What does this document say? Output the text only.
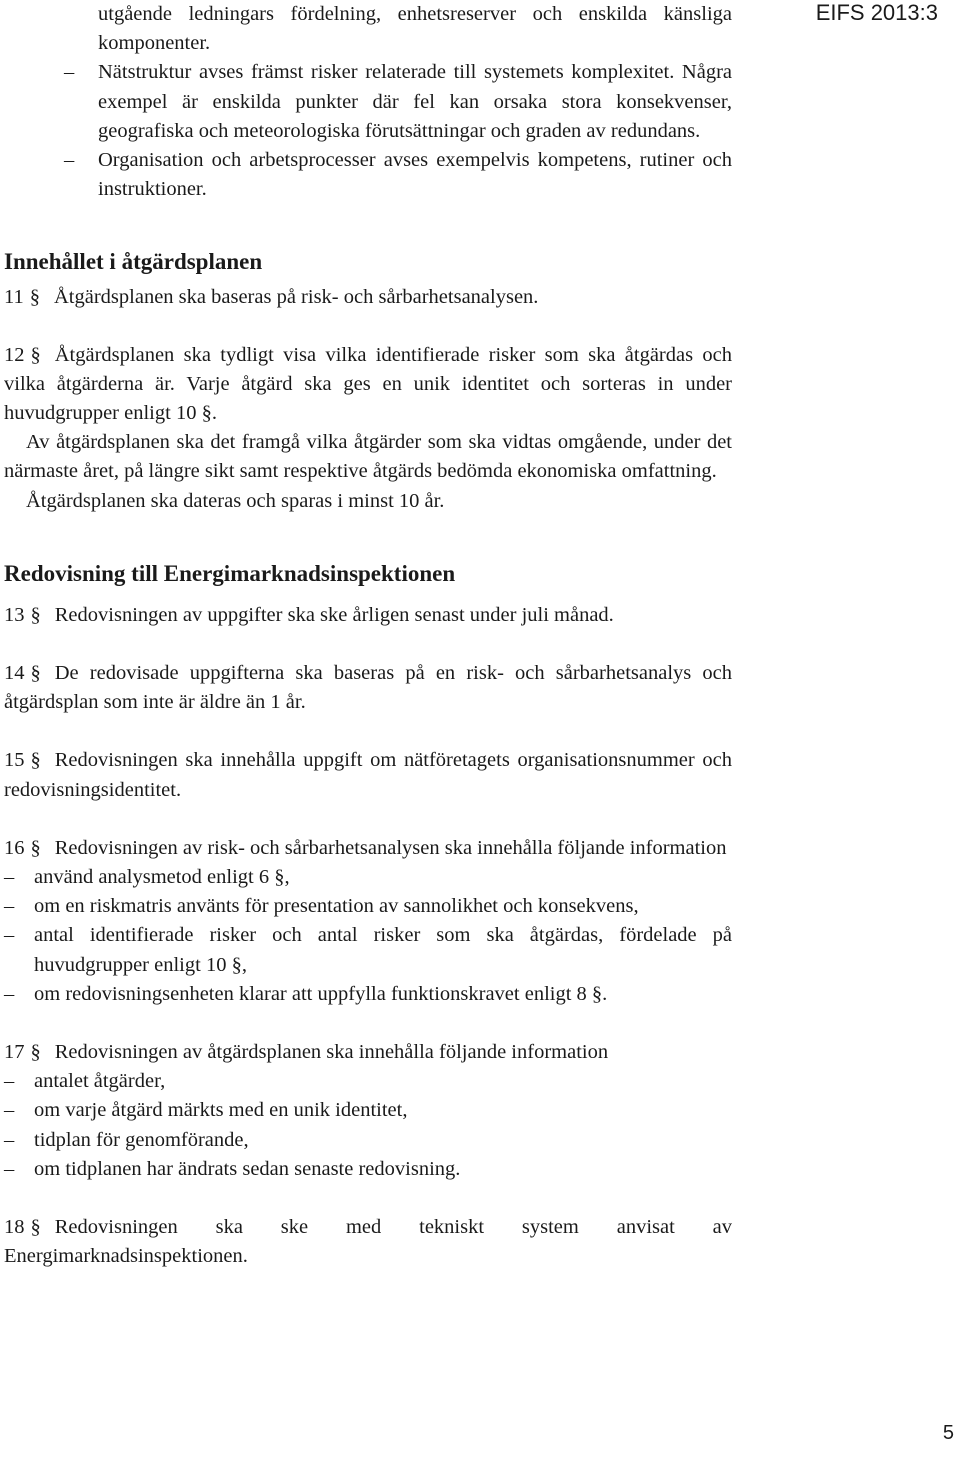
EIFS 2013:3
utgående ledningars fördelning, enhetsreserver och enskilda känsliga komponenter.
– Nätstruktur avses främst risker relaterade till systemets komplexitet. Några exempel är enskilda punkter där fel kan orsaka stora konsekvenser, geografiska och meteorologiska förutsättningar och graden av redundans.
– Organisation och arbetsprocesser avses exempelvis kompetens, rutiner och instruktioner.
Innehållet i åtgärdsplanen

11 § Åtgärdsplanen ska baseras på risk- och sårbarhetsanalysen.

12 § Åtgärdsplanen ska tydligt visa vilka identifierade risker som ska åtgärdas och vilka åtgärderna är. Varje åtgärd ska ges en unik identitet och sorteras in under huvudgrupper enligt 10 §.

Av åtgärdsplanen ska det framgå vilka åtgärder som ska vidtas omgående, under det närmaste året, på längre sikt samt respektive åtgärds bedömda ekonomiska omfattning.

Åtgärdsplanen ska dateras och sparas i minst 10 år.

Redovisning till Energimarknadsinspektionen

13 § Redovisningen av uppgifter ska ske årligen senast under juli månad.

14 § De redovisade uppgifterna ska baseras på en risk- och sårbarhetsanalys och åtgärdsplan som inte är äldre än 1 år.

15 § Redovisningen ska innehålla uppgift om nätföretagets organisationsnummer och redovisningsidentitet.

16 § Redovisningen av risk- och sårbarhetsanalysen ska innehålla följande information

– använd analysmetod enligt 6 §,
– om en riskmatris använts för presentation av sannolikhet och konsekvens,
– antal identifierade risker och antal risker som ska åtgärdas, fördelade på huvudgrupper enligt 10 §,
– om redovisningsenheten klarar att uppfylla funktionskravet enligt 8 §.

17 § Redovisningen av åtgärdsplanen ska innehålla följande information

– antalet åtgärder,
– om varje åtgärd märkts med en unik identitet,
– tidplan för genomförande,
– om tidplanen har ändrats sedan senaste redovisning.

18 § Redovisningen ska ske med tekniskt system anvisat av Energimarknadsinspektionen.

5
